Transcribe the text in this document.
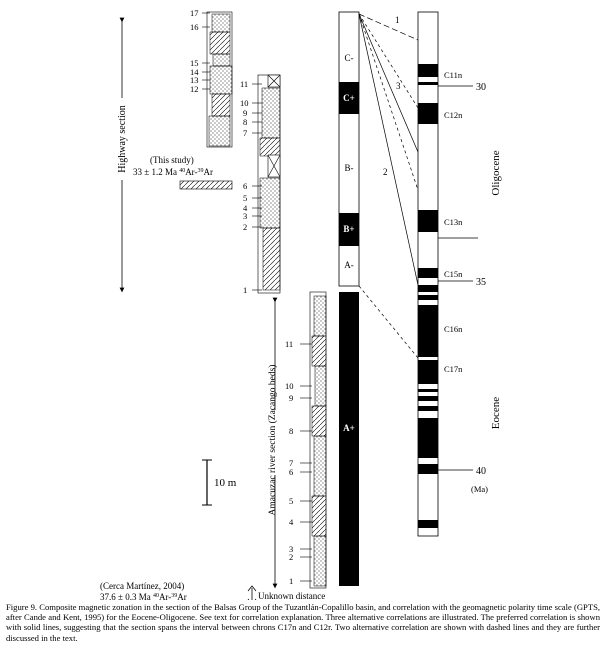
Highway section
17
16
15
14
13
12	11
10
9
8
7
6
5
4
3
2
1
(This study)
33 ± 1.2 Ma $^{40}$Ar-$^{39}$Ar
Amacuzac river section (Zacango beds)
11
10
9
8
7
6
5
4
3
2
1
(Cerca Martínez, 2004)
37.6 ± 0.3 Ma $^{40}$Ar-$^{39}$Ar	Unknown distance
10 m
C-
C+
B-
B+
A-
A+
1
2
3
C11n
C12n
C13n
C15n
C16n
C17n
30
35
40
(Ma)
Oligocene
Eocene

Figure 9. Composite magnetic zonation in the section of the Balsas Group of the Tuzantlán-Copalillo basin, and correlation with the geomagnetic polarity time scale (GPTS, after Cande and Kent, 1995) for the Eocene-Oligocene. See text for correlation explanation. Three alternative correlations are illustrated. The preferred correlation is shown with solid lines, suggesting that the section spans the interval between chrons C17n and C12r. Two alternative correlation are shown with dashed lines and they are further discussed in the text.
